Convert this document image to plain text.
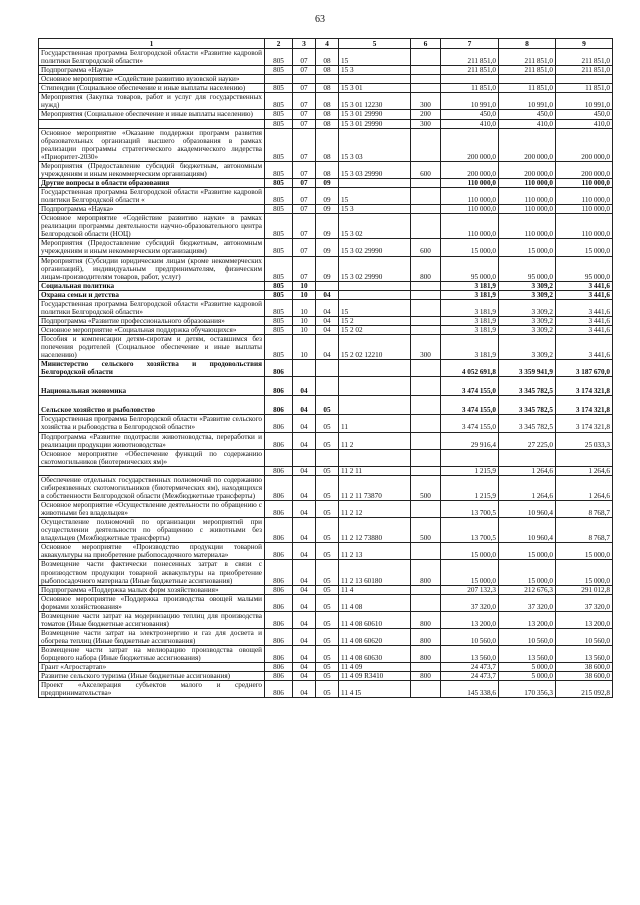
63
1	2	3	4	5	6	7	8	9
Государственная программа Белгородской области «Развитие кадровой политики Белгородской области»	805	07	08	15		211 851,0	211 851,0	211 851,0
Подпрограмма «Наука»	805	07	08	15 3		211 851,0	211 851,0	211 851,0
Основное мероприятие «Содействие развитию вузовской науки»								
Стипендии (Социальное обеспечение и иные выплаты населению)	805	07	08	15 3 01		11 851,0	11 851,0	11 851,0
Мероприятия (Закупка товаров, работ и услуг для государственных нужд)	805	07	08	15 3 01 12230	300	10 991,0	10 991,0	10 991,0
Мероприятия (Социальное обеспечение и иные выплаты населению)	805	07	08	15 3 01 29990	200	450,0	450,0	450,0
	805	07	08	15 3 01 29990	300	410,0	410,0	410,0
Основное мероприятие «Оказание поддержки программ развития образовательных организаций высшего образования в рамках реализации программы стратегического академического лидерства «Приоритет-2030»	805	07	08	15 3 03		200 000,0	200 000,0	200 000,0
Мероприятия (Предоставление субсидий бюджетным, автономным учреждениям и иным некоммерческим организациям)	805	07	08	15 3 03 29990	600	200 000,0	200 000,0	200 000,0
Другие вопросы в области образования	805	07	09			110 000,0	110 000,0	110 000,0
Государственная программа Белгородской области «Развитие кадровой политики Белгородской области «	805	07	09	15		110 000,0	110 000,0	110 000,0
Подпрограмма «Наука»	805	07	09	15 3		110 000,0	110 000,0	110 000,0
Основное мероприятие «Содействие развитию науки» в рамках реализации программы деятельности научно-образовательного центра Белгородской области (НОЦ)	805	07	09	15 3 02		110 000,0	110 000,0	110 000,0
Мероприятия (Предоставление субсидий бюджетным, автономным учреждениям и иным некоммерческим организациям)	805	07	09	15 3 02 29990	600	15 000,0	15 000,0	15 000,0
Мероприятия (Субсидии юридическим лицам (кроме некоммерческих организаций), индивидуальным предпринимателям, физическим лицам-производителям товаров, работ, услуг)	805	07	09	15 3 02 29990	800	95 000,0	95 000,0	95 000,0
Социальная политика	805	10				3 181,9	3 309,2	3 441,6
Охрана семьи и детства	805	10	04			3 181,9	3 309,2	3 441,6
Государственная программа Белгородской области «Развитие кадровой политики Белгородской области»	805	10	04	15		3 181,9	3 309,2	3 441,6
Подпрограмма «Развитие профессионального образования»	805	10	04	15 2		3 181,9	3 309,2	3 441,6
Основное мероприятие «Социальная поддержка обучающихся»	805	10	04	15 2 02		3 181,9	3 309,2	3 441,6
Пособия и компенсации детям-сиротам и детям, оставшимся без попечения родителей (Социальное обеспечение и иные выплаты населению)	805	10	04	15 2 02 12210	300	3 181,9	3 309,2	3 441,6
Министерство сельского хозяйства и продовольствия Белгородской области	806					4 052 691,8	3 359 941,9	3 187 670,0
Национальная экономика	806	04				3 474 155,0	3 345 782,5	3 174 321,8
Сельское хозяйство и рыболовство	806	04	05			3 474 155,0	3 345 782,5	3 174 321,8
Государственная программа Белгородской области «Развитие сельского хозяйства и рыбоводства в Белгородской области»	806	04	05	11		3 474 155,0	3 345 782,5	3 174 321,8
Подпрограмма «Развитие подотрасли животноводства, переработки и реализации продукции животноводства»	806	04	05	11 2		29 916,4	27 225,0	25 033,3
Основное мероприятие «Обеспечение функций по содержанию скотомогильников (биотермических ям)»								
	806	04	05	11 2 11		1 215,9	1 264,6	1 264,6
Обеспечение отдельных государственных полномочий по содержанию сибиреязвенных скотомогильников (биотермических ям), находящихся в собственности Белгородской области (Межбюджетные трансферты)	806	04	05	11 2 11 73870	500	1 215,9	1 264,6	1 264,6
Основное мероприятие «Осуществление деятельности по обращению с животными без владельцев»	806	04	05	11 2 12		13 700,5	10 960,4	8 768,7
Осуществление полномочий по организации мероприятий при осуществлении деятельности по обращению с животными без владельцев (Межбюджетные трансферты)	806	04	05	11 2 12 73880	500	13 700,5	10 960,4	8 768,7
Основное мероприятие «Производство продукции товарной аквакультуры на приобретение рыбопосадочного материала»	806	04	05	11 2 13		15 000,0	15 000,0	15 000,0
Возмещение части фактически понесенных затрат в связи с производством продукции товарной аквакультуры на приобретение рыбопосадочного материала (Иные бюджетные ассигнования)	806	04	05	11 2 13 60180	800	15 000,0	15 000,0	15 000,0
Подпрограмма «Поддержка малых форм хозяйствования»	806	04	05	11 4		207 132,3	212 676,3	291 012,8
Основное мероприятие «Поддержка производства овощей малыми формами хозяйствования»	806	04	05	11 4 08		37 320,0	37 320,0	37 320,0
Возмещение части затрат на модернизацию теплиц для производства томатов (Иные бюджетные ассигнования)	806	04	05	11 4 08 60610	800	13 200,0	13 200,0	13 200,0
Возмещение части затрат на электроэнергию и газ для досвета и обогрева теплиц (Иные бюджетные ассигнования)	806	04	05	11 4 08 60620	800	10 560,0	10 560,0	10 560,0
Возмещение части затрат на мелиорацию производства овощей борщевого набора (Иные бюджетные ассигнования)	806	04	05	11 4 08 60630	800	13 560,0	13 560,0	13 560,0
Грант «Агростартап»	806	04	05	11 4 09		24 473,7	5 000,0	38 600,0
Развитие сельского туризма (Иные бюджетные ассигнования)	806	04	05	11 4 09 R3410	800	24 473,7	5 000,0	38 600,0
Проект «Акселерация субъектов малого и среднего предпринимательства»	806	04	05	11 4 I5		145 338,6	170 356,3	215 092,8
